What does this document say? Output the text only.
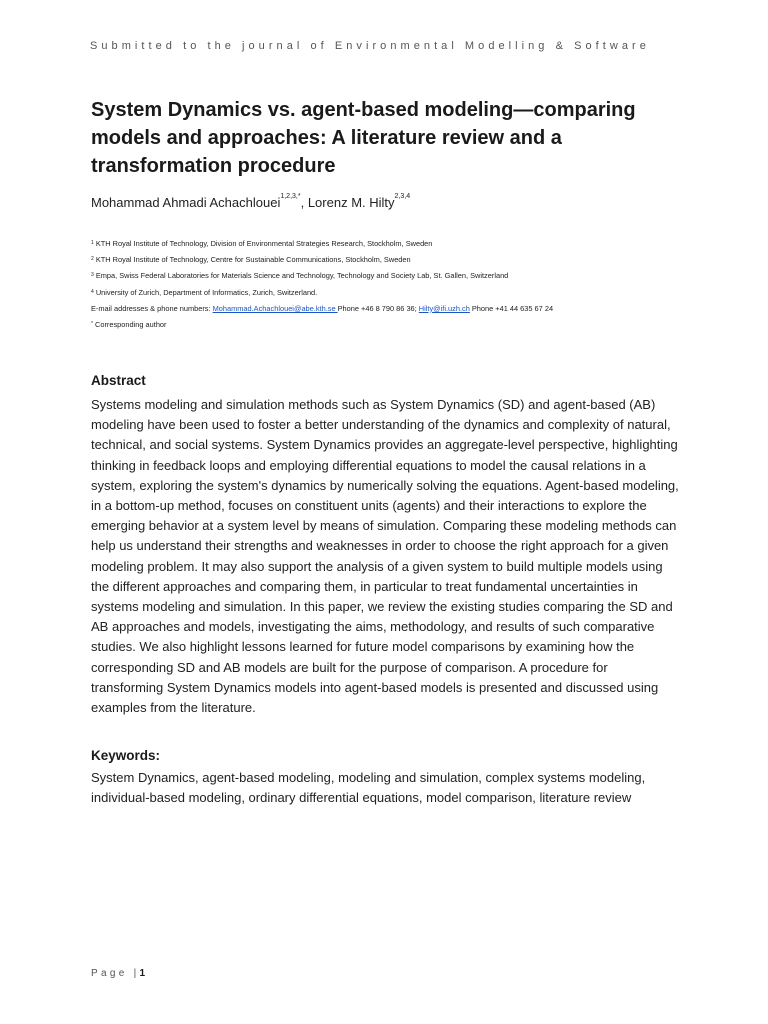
Submitted to the journal of Environmental Modelling & Software
System Dynamics vs. agent-based modeling—comparing
models and approaches: A literature review and a
transformation procedure
Mohammad Ahmadi Achachlouei$^{1,2,3,*}$, Lorenz M. Hilty$^{2,3,4}$
$^1$ KTH Royal Institute of Technology, Division of Environmental Strategies Research, Stockholm, Sweden
$^2$ KTH Royal Institute of Technology, Centre for Sustainable Communications, Stockholm, Sweden
$^3$ Empa, Swiss Federal Laboratories for Materials Science and Technology, Technology and Society Lab, St. Gallen, Switzerland
$^4$ University of Zurich, Department of Informatics, Zurich, Switzerland.
E-mail addresses & phone numbers: Mohammad.Achachlouei@abe.kth.se Phone +46 8 790 86 36; Hilty@ifi.uzh.ch Phone +41 44 635 67 24
* Corresponding author
Abstract
Systems modeling and simulation methods such as System Dynamics (SD) and agent-based (AB)
modeling have been used to foster a better understanding of the dynamics and complexity of natural,
technical, and social systems. System Dynamics provides an aggregate-level perspective, highlighting
thinking in feedback loops and employing differential equations to model the causal relations in a
system, exploring the system's dynamics by numerically solving the equations. Agent-based modeling,
in a bottom-up method, focuses on constituent units (agents) and their interactions to explore the
emerging behavior at a system level by means of simulation. Comparing these modeling methods can
help us understand their strengths and weaknesses in order to choose the right approach for a given
modeling problem. It may also support the analysis of a given system to build multiple models using
the different approaches and comparing them, in particular to treat fundamental uncertainties in
systems modeling and simulation. In this paper, we review the existing studies comparing the SD and
AB approaches and models, investigating the aims, methodology, and results of such comparative
studies. We also highlight lessons learned for future model comparisons by examining how the
corresponding SD and AB models are built for the purpose of comparison. A procedure for
transforming System Dynamics models into agent-based models is presented and discussed using
examples from the literature.
Keywords:
System Dynamics, agent-based modeling, modeling and simulation, complex systems modeling,
individual-based modeling, ordinary differential equations, model comparison, literature review
Page |1
